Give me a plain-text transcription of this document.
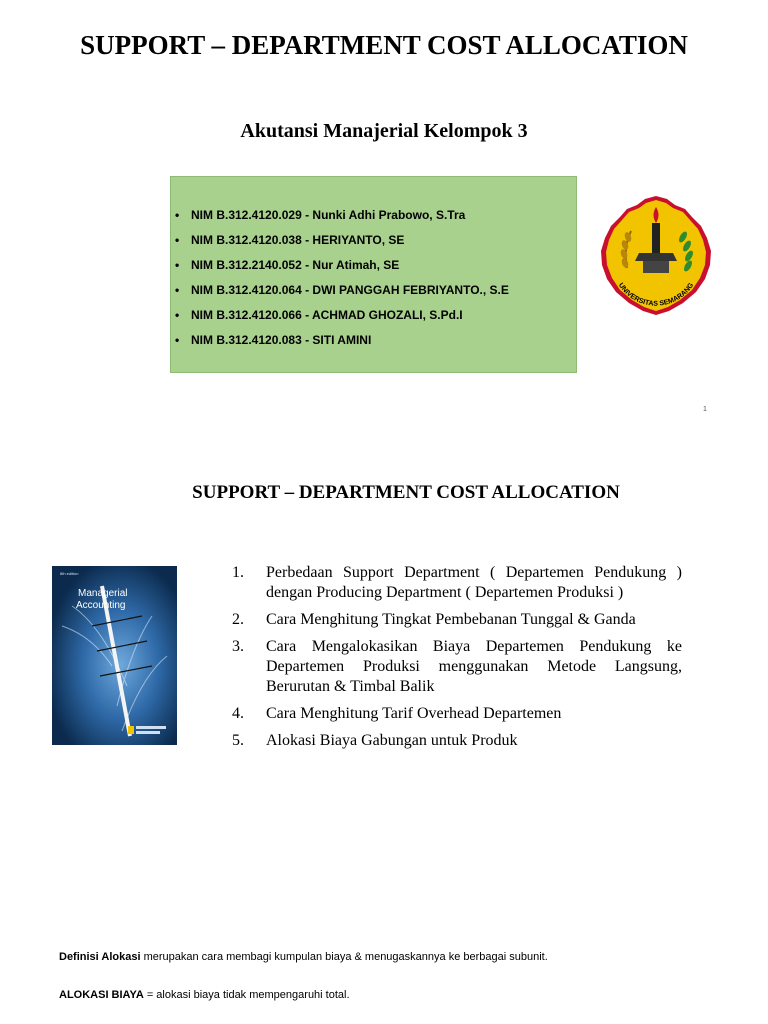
SUPPORT – DEPARTMENT COST ALLOCATION
Akutansi Manajerial Kelompok 3
• NIM B.312.4120.029 - Nunki Adhi Prabowo, S.Tra
• NIM B.312.4120.038 - HERIYANTO, SE
• NIM B.312.2140.052 - Nur Atimah, SE
• NIM B.312.4120.064 - DWI PANGGAH FEBRIYANTO., S.E
• NIM B.312.4120.066 - ACHMAD GHOZALI, S.Pd.I
• NIM B.312.4120.083 - SITI AMINI
UNIVERSITAS SEMARANG
1
SUPPORT – DEPARTMENT COST ALLOCATION
8th edition
Managerial
Accounting
1. Perbedaan Support Department ( Departemen Pendukung ) dengan Producing Department ( Departemen Produksi )
2. Cara Menghitung Tingkat Pembebanan Tunggal & Ganda
3. Cara Mengalokasikan Biaya Departemen Pendukung ke Departemen Produksi menggunakan Metode Langsung, Berurutan & Timbal Balik
4. Cara Menghitung Tarif Overhead Departemen
5. Alokasi Biaya Gabungan untuk Produk
Definisi Alokasi merupakan cara membagi kumpulan biaya & menugaskannya ke berbagai subunit.
ALOKASI BIAYA = alokasi biaya tidak mempengaruhi total.
